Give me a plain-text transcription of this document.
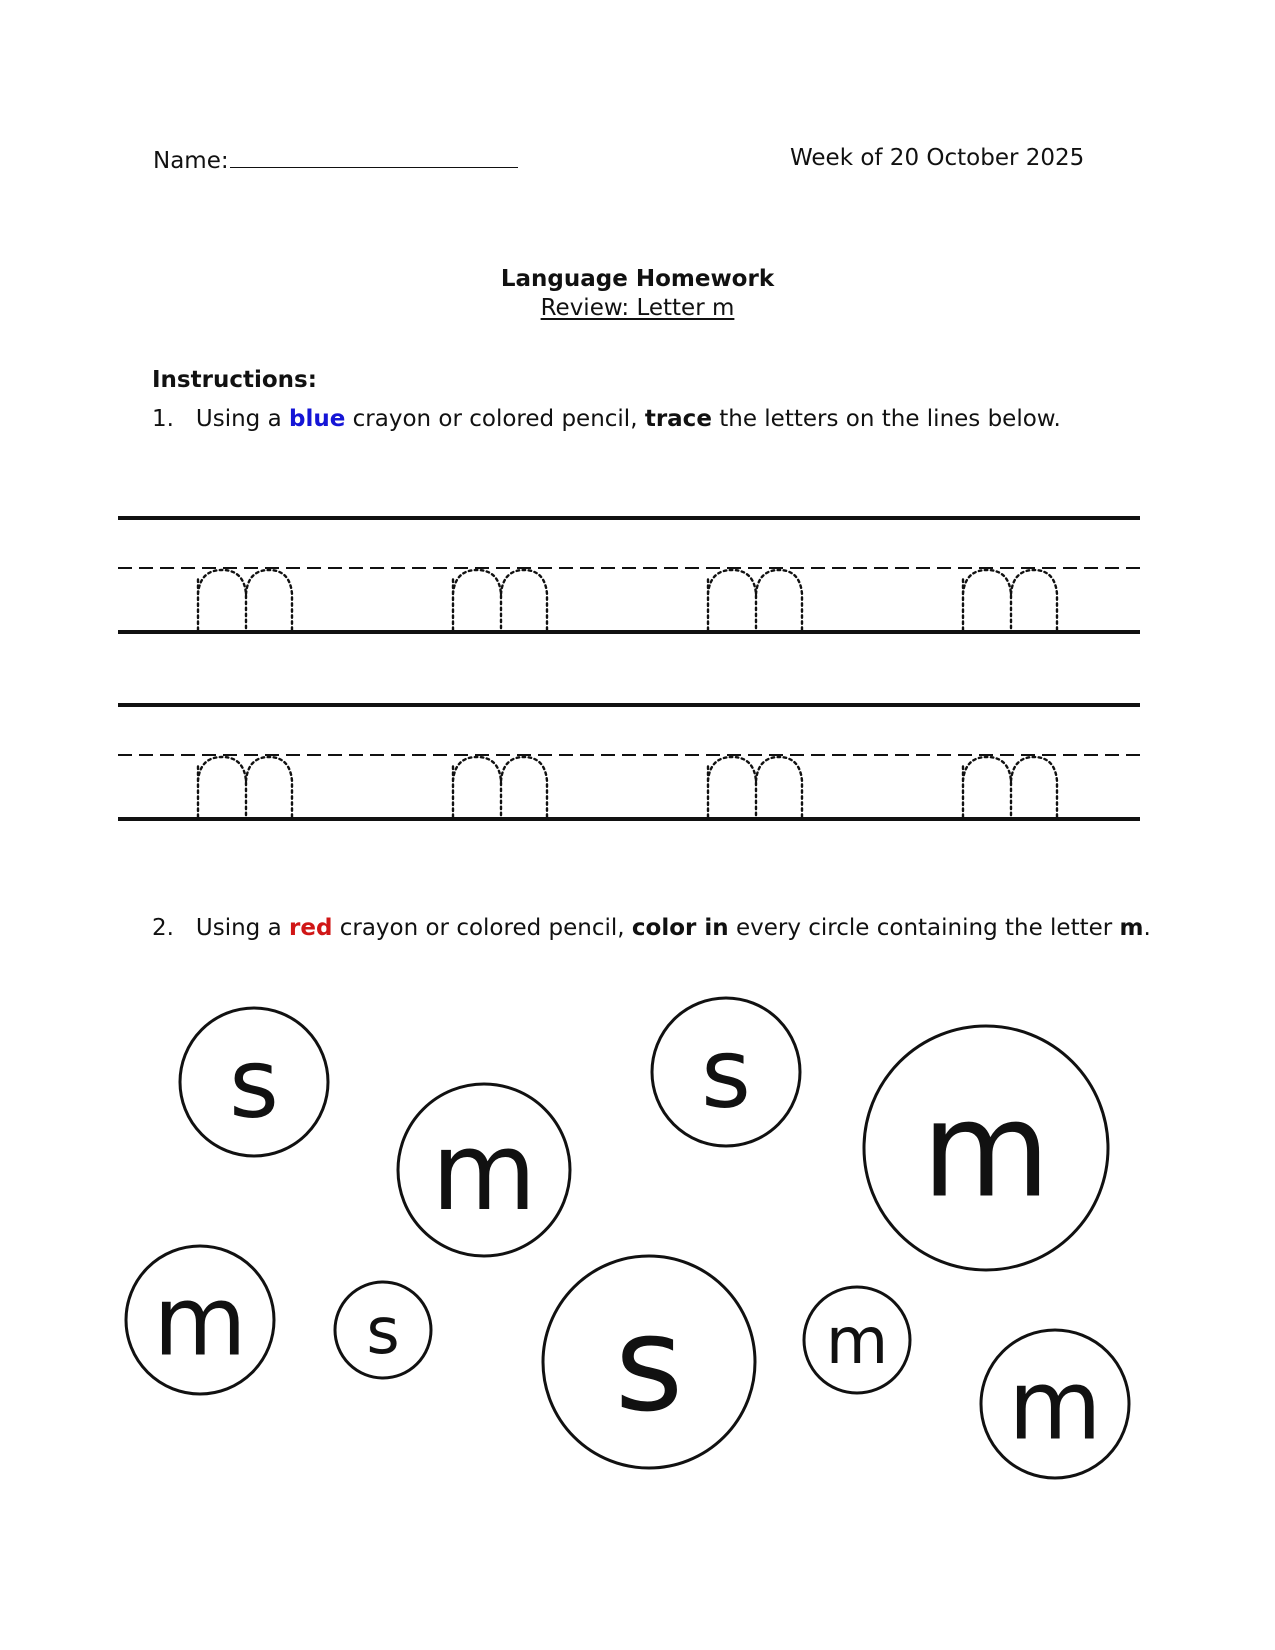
Name:	Week of 20 October 2025
Language Homework
Review: Letter m
Instructions:
1. Using a blue crayon or colored pencil, trace the letters on the lines below.
2. Using a red crayon or colored pencil, color in every circle containing the letter m.
s
m
s m
m s s m
m
